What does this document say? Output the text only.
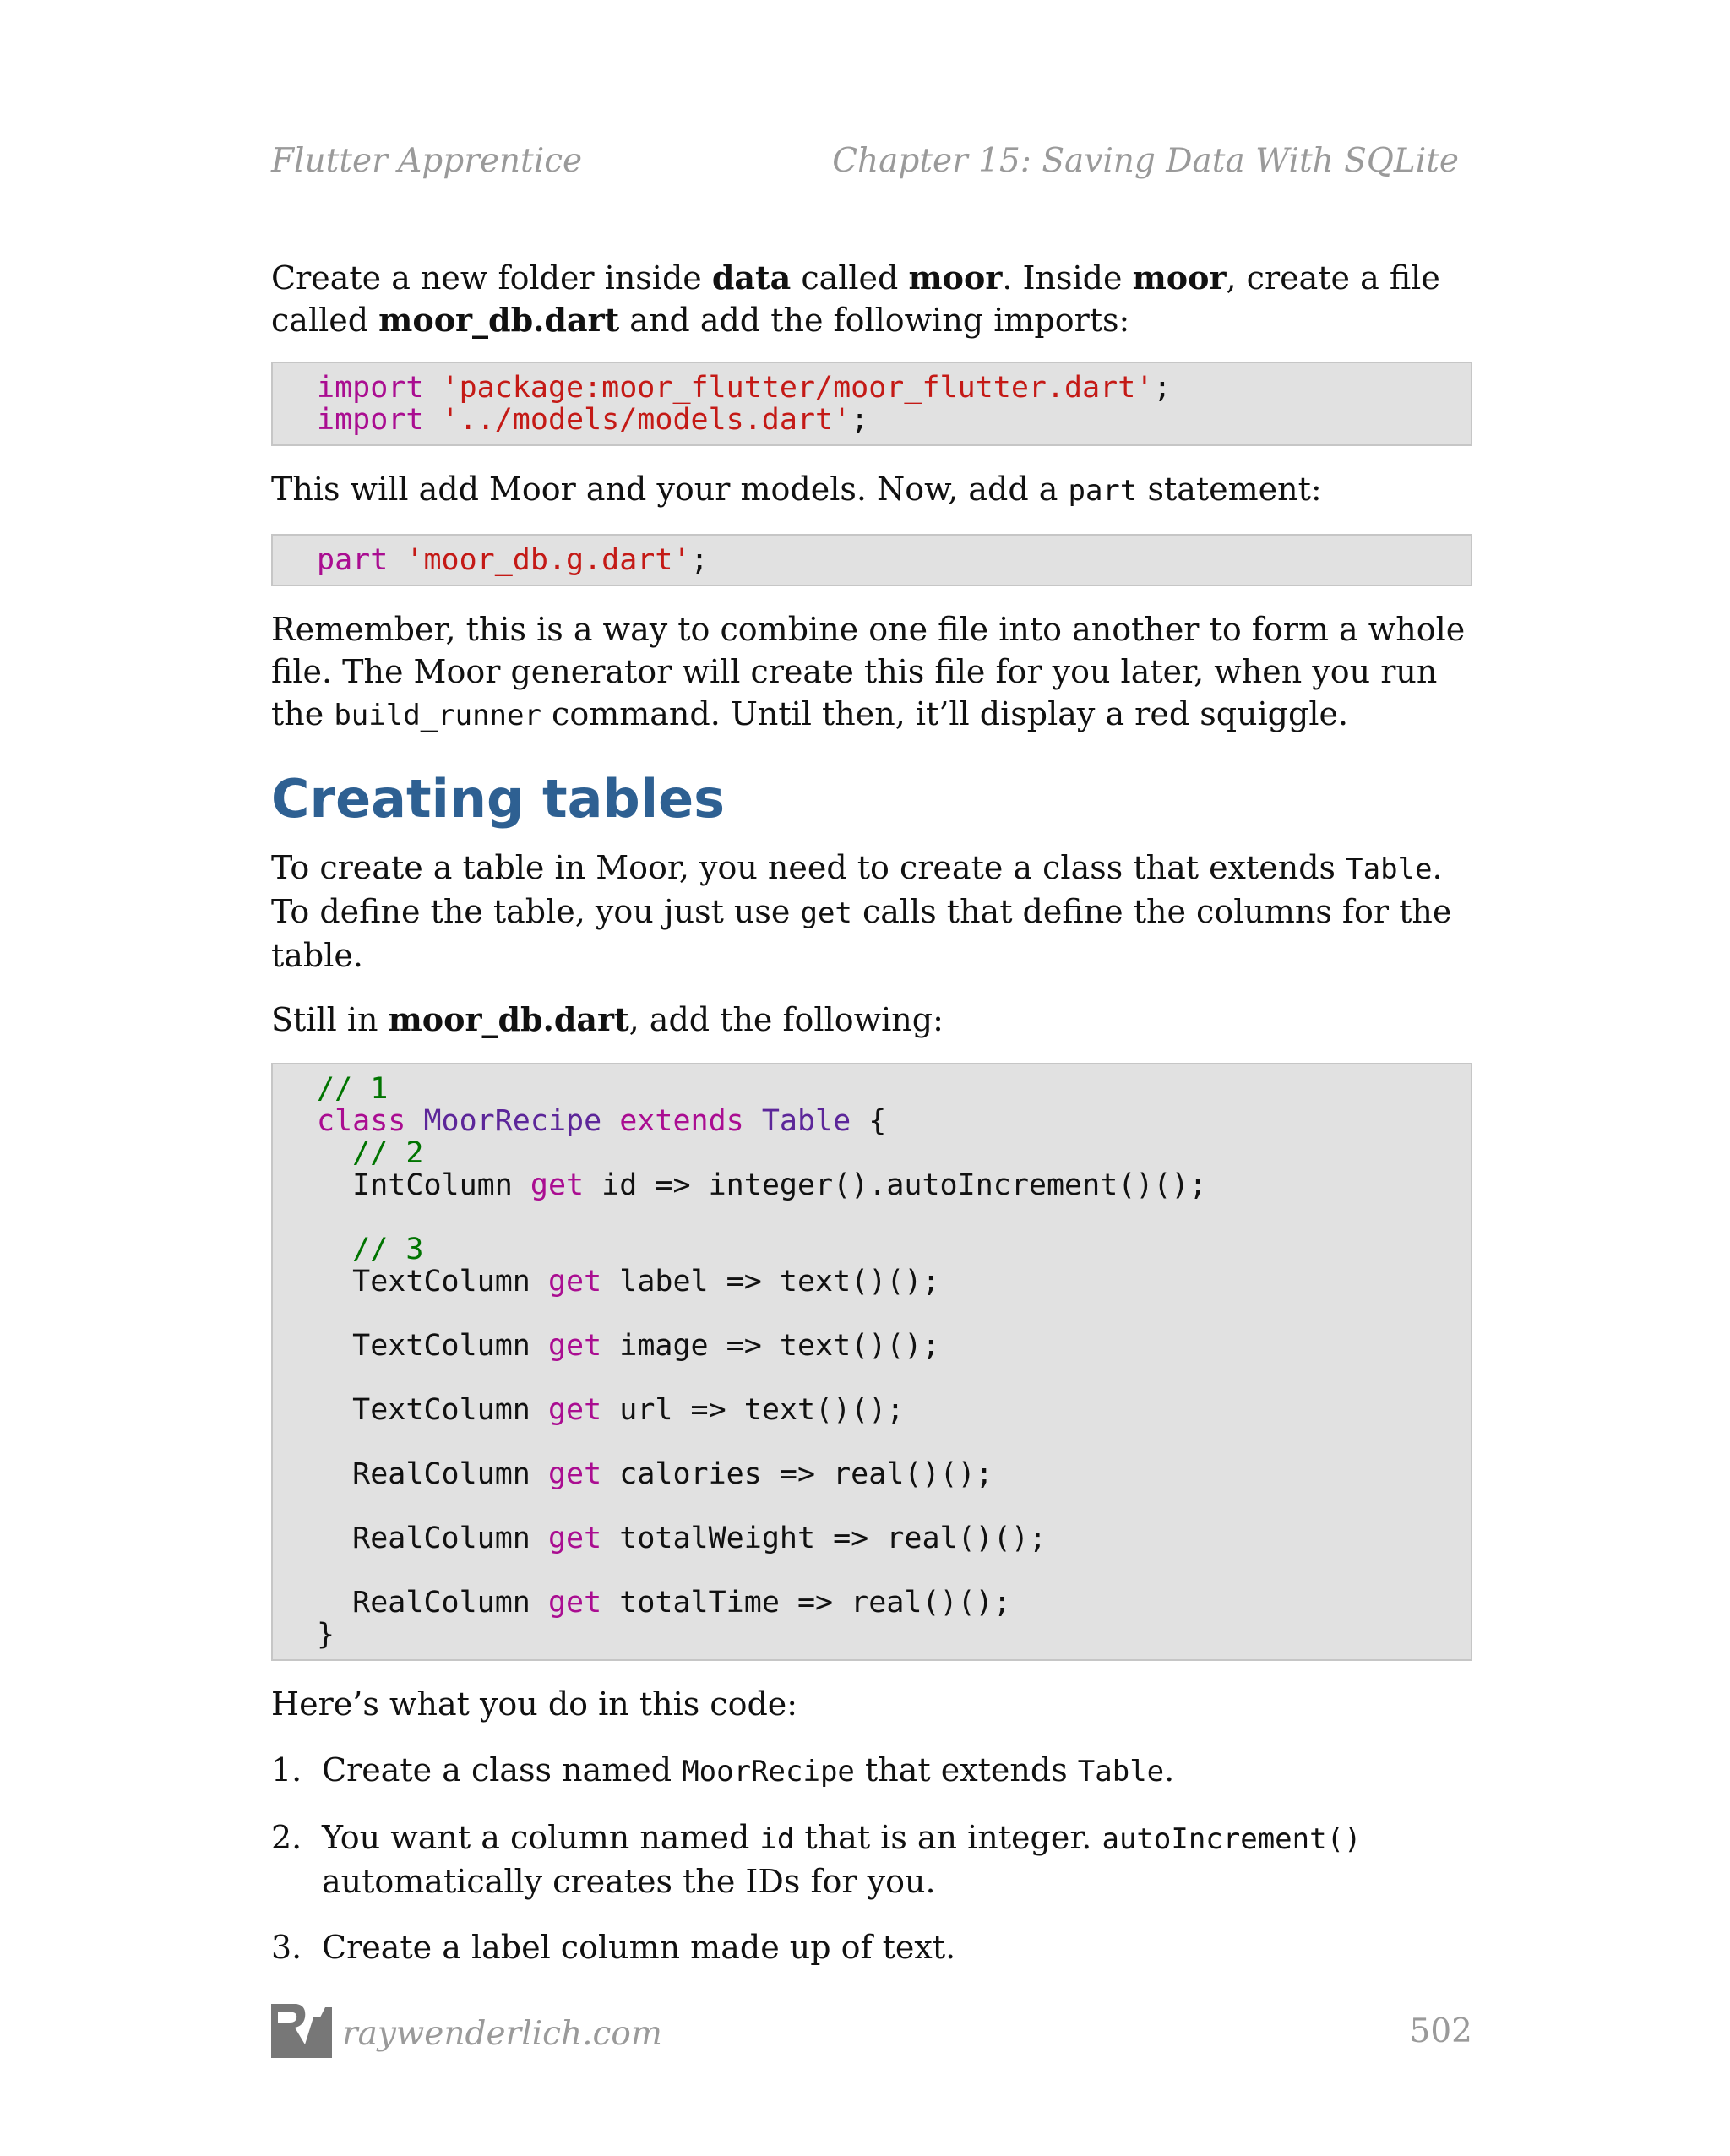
Flutter Apprentice	Chapter 15: Saving Data With SQLite

Create a new folder inside data called moor. Inside moor, create a file called moor_db.dart and add the following imports:

import 'package:moor_flutter/moor_flutter.dart';
import '../models/models.dart';

This will add Moor and your models. Now, add a part statement:

part 'moor_db.g.dart';

Remember, this is a way to combine one file into another to form a whole file. The Moor generator will create this file for you later, when you run the build_runner command. Until then, it’ll display a red squiggle.

Creating tables

To create a table in Moor, you need to create a class that extends Table. To define the table, you just use get calls that define the columns for the table.

Still in moor_db.dart, add the following:

// 1
class MoorRecipe extends Table {
// 2
IntColumn get id => integer().autoIncrement()();
// 3
TextColumn get label => text()();
TextColumn get image => text()();
TextColumn get url => text()();
RealColumn get calories => real()();
RealColumn get totalWeight => real()();
RealColumn get totalTime => real()();
}

Here’s what you do in this code:

1. Create a class named MoorRecipe that extends Table.
2. You want a column named id that is an integer. autoIncrement() automatically creates the IDs for you.
3. Create a label column made up of text.
raywenderlich.com	502
